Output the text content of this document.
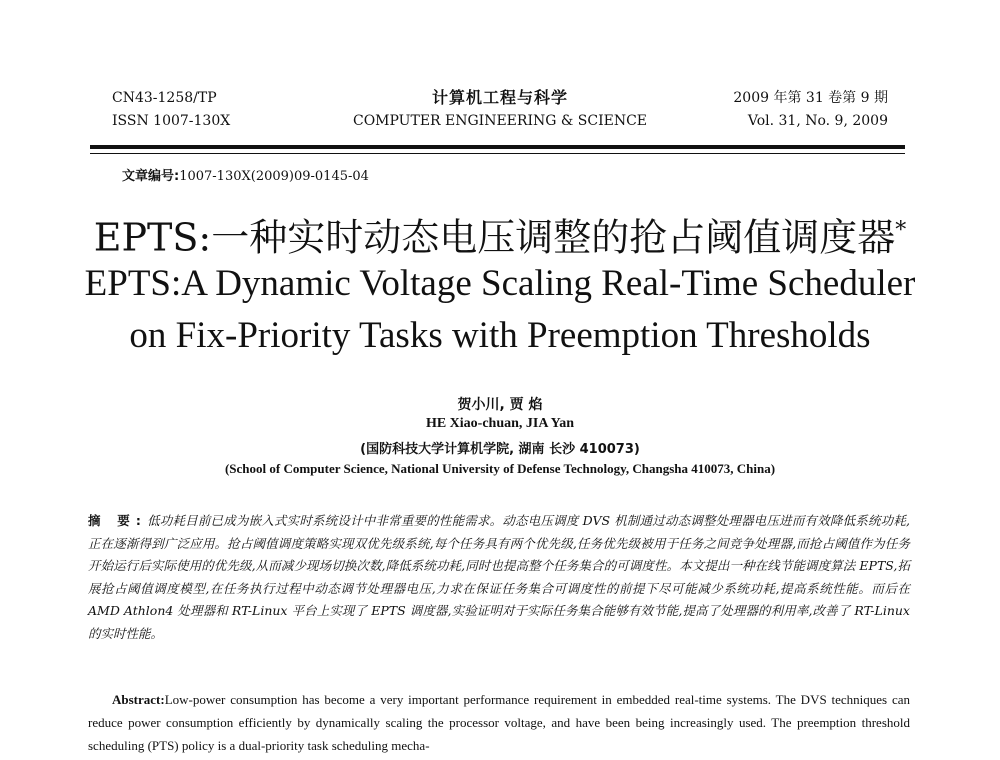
CN43-1258/TP
ISSN 1007-130X
计算机工程与科学
COMPUTER ENGINEERING & SCIENCE
2009 年第 31 卷第 9 期
Vol. 31, No. 9, 2009
文章编号:1007-130X(2009)09-0145-04
EPTS:一种实时动态电压调整的抢占阈值调度器*
EPTS:A Dynamic Voltage Scaling Real-Time Scheduler
on Fix-Priority Tasks with Preemption Thresholds
贺小川, 贾 焰
HE Xiao-chuan, JIA Yan
(国防科技大学计算机学院, 湖南 长沙 410073)
(School of Computer Science, National University of Defense Technology, Changsha 410073, China)
摘 要:低功耗目前已成为嵌入式实时系统设计中非常重要的性能需求。动态电压调度 DVS 机制通过动态调整处理器电压进而有效降低系统功耗,正在逐渐得到广泛应用。抢占阈值调度策略实现双优先级系统,每个任务具有两个优先级,任务优先级被用于任务之间竞争处理器,而抢占阈值作为任务开始运行后实际使用的优先级,从而减少现场切换次数,降低系统功耗,同时也提高整个任务集合的可调度性。本文提出一种在线节能调度算法 EPTS,拓展抢占阈值调度模型,在任务执行过程中动态调节处理器电压,力求在保证任务集合可调度性的前提下尽可能减少系统功耗,提高系统性能。而后在 AMD Athlon4 处理器和 RT-Linux 平台上实现了 EPTS 调度器,实验证明对于实际任务集合能够有效节能,提高了处理器的利用率,改善了 RT-Linux 的实时性能。
Abstract:Low-power consumption has become a very important performance requirement in embedded real-time systems. The DVS techniques can reduce power consumption efficiently by dynamically scaling the processor voltage, and have been being increasingly used. The preemption threshold scheduling (PTS) policy is a dual-priority task scheduling mecha-
